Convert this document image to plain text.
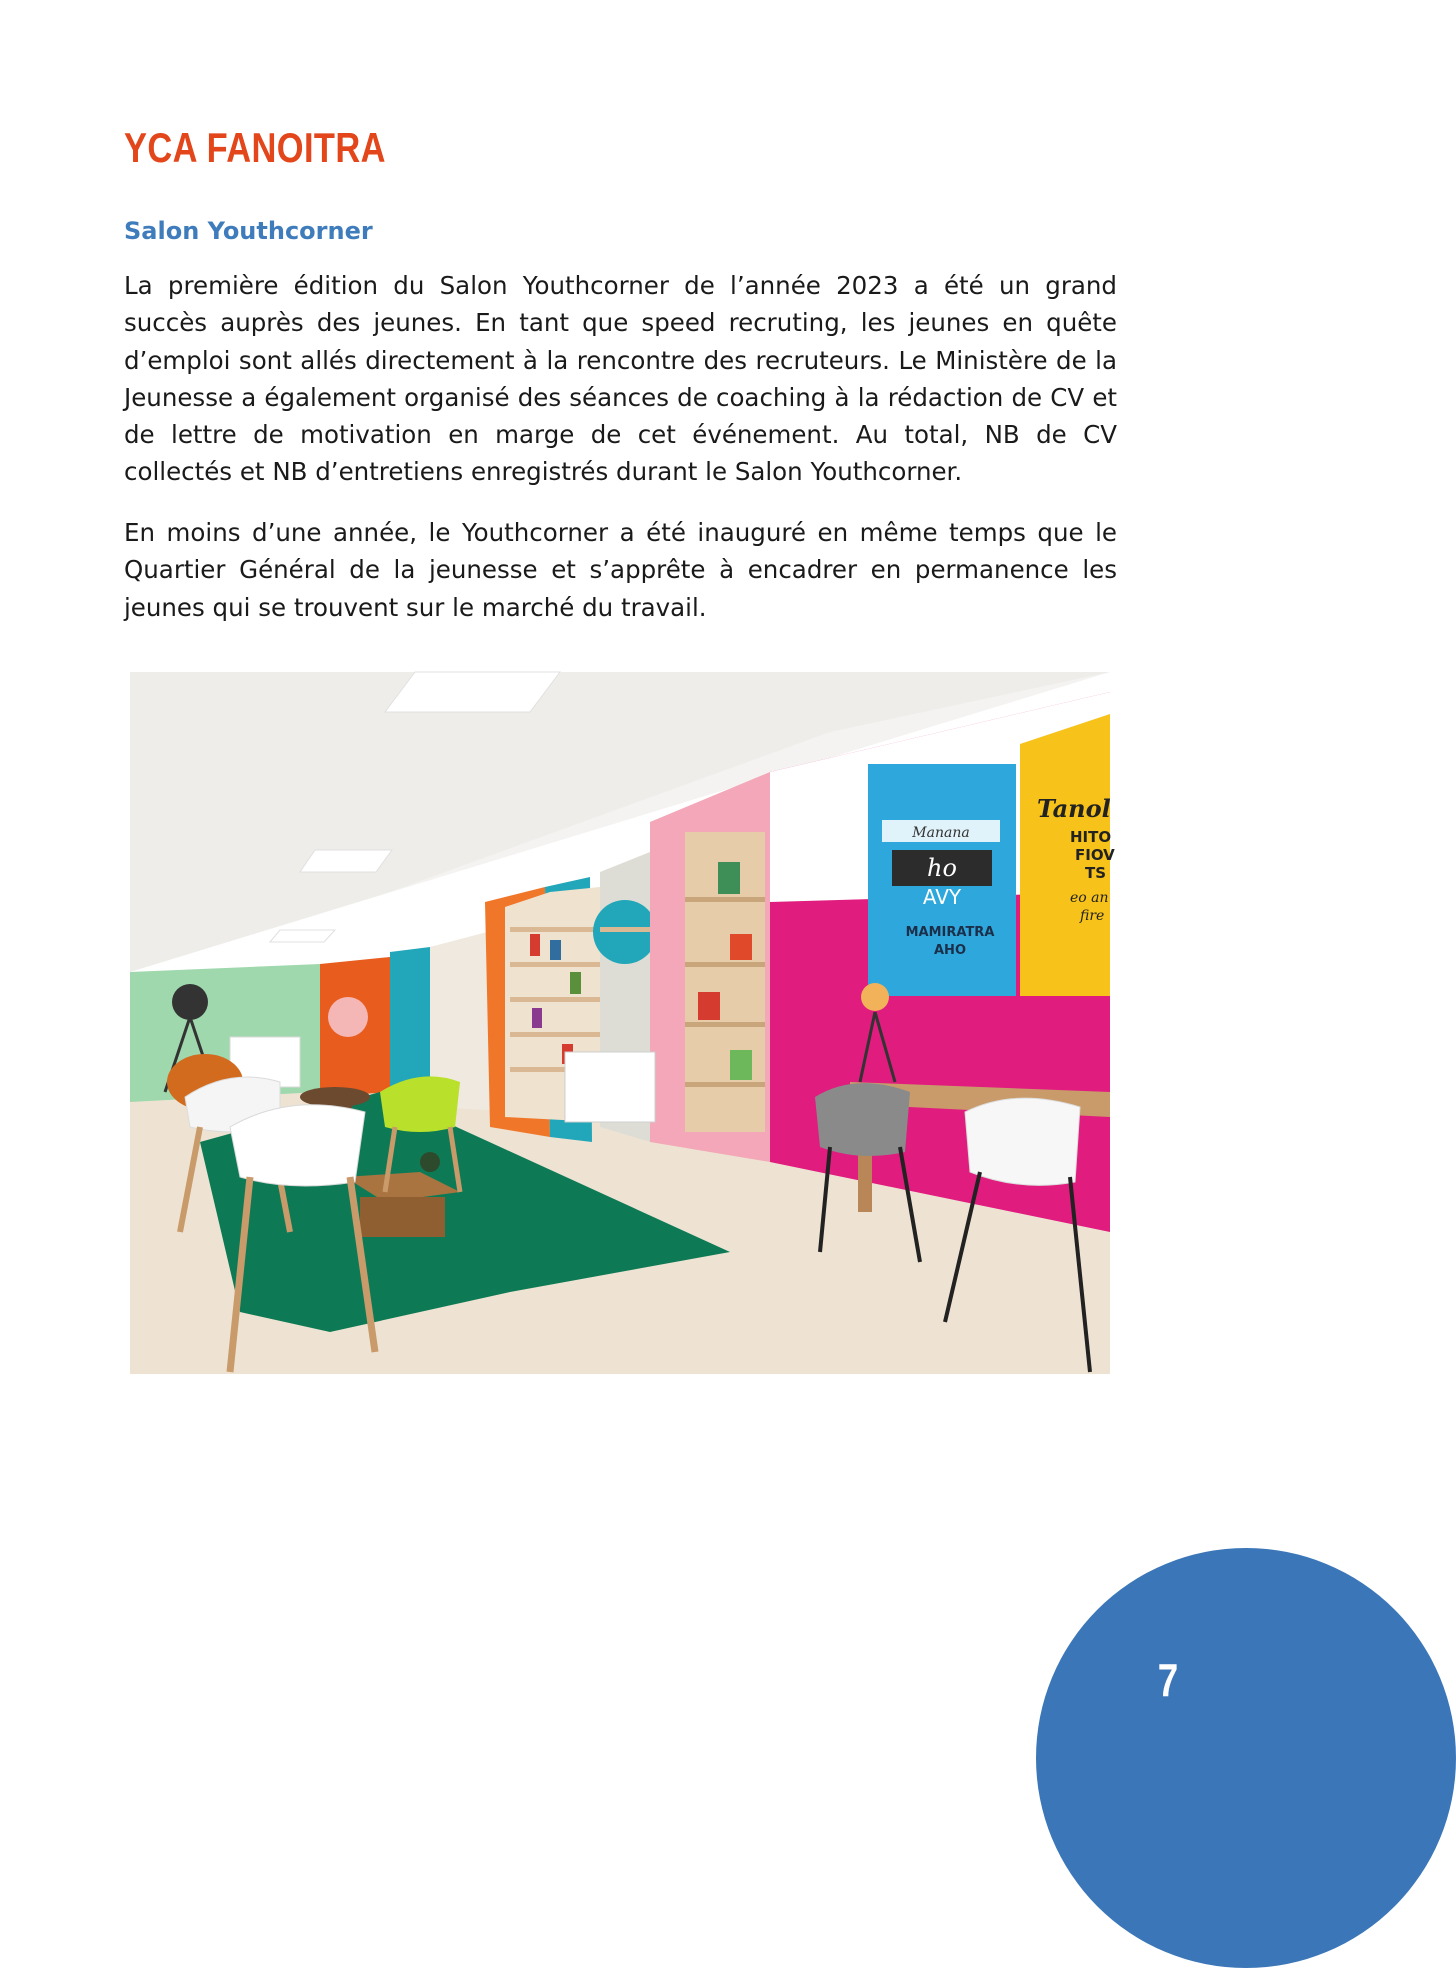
YCA FANOITRA
Salon Youthcorner

La première édition du Salon Youthcorner de l’année 2023 a été un grand succès auprès des jeunes. En tant que speed recruting, les jeunes en quête d’emploi sont allés directement à la rencontre des recruteurs. Le Ministère de la Jeunesse a également organisé des séances de coaching à la rédaction de CV et de lettre de motivation en marge de cet événement. Au total, NB de CV collectés et NB d’entretiens enregistrés durant le Salon Youthcorner.

En moins d’une année, le Youthcorner a été inauguré en même temps que le Quartier Général de la jeunesse et s’apprête à encadrer en permanence les jeunes qui se trouvent sur le marché du travail.

Manana
ho
AVY
MAMIRATRA
AHO
Tanol
HITO
FIOV
TS
eo an
fire
7
